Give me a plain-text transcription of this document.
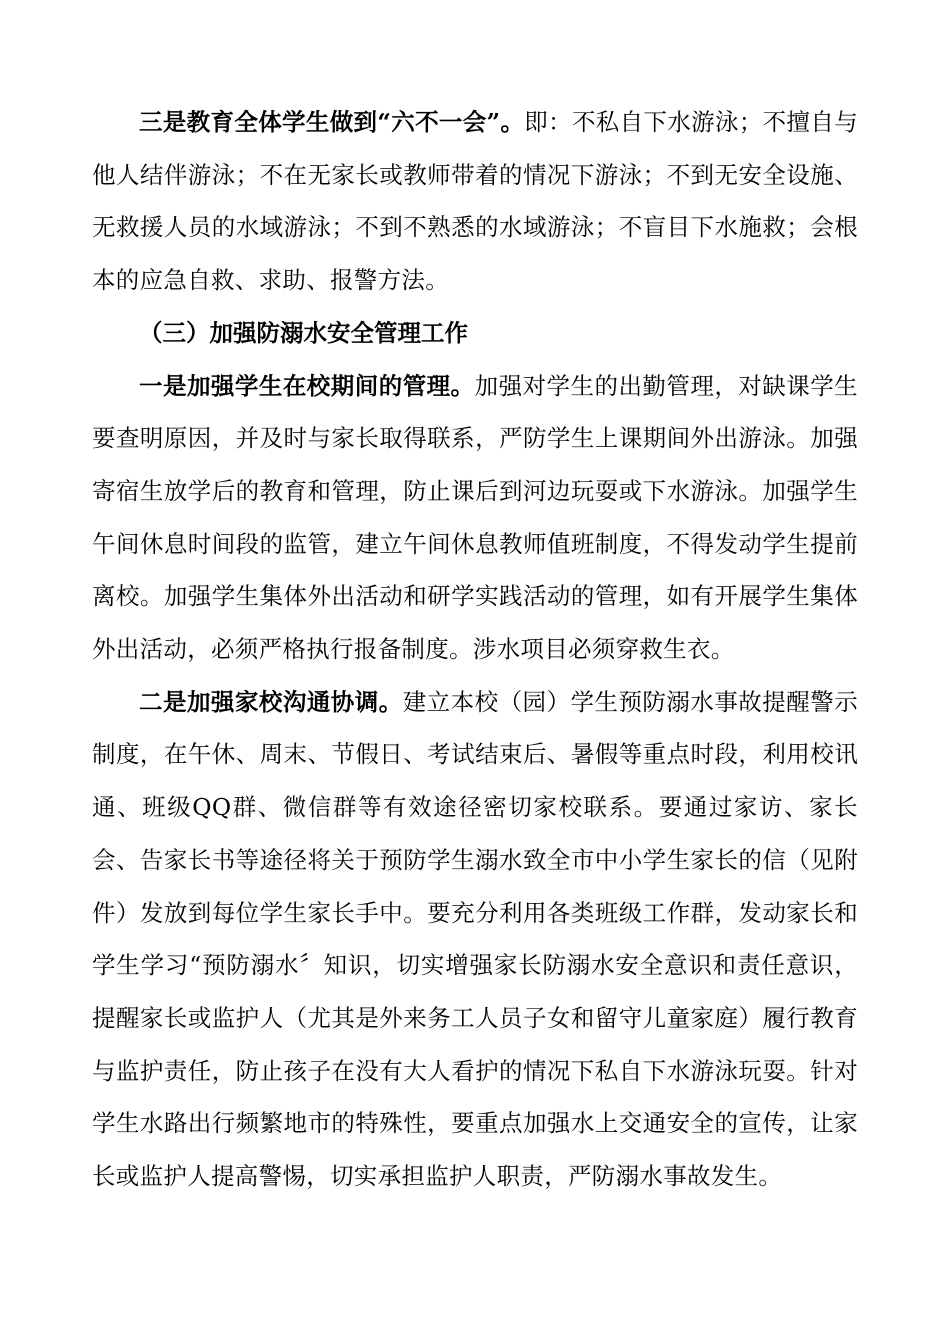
三是教育全体学生做到“六不一会”。即：不私自下水游泳；不擅自与他人结伴游泳；不在无家长或教师带着的情况下游泳；不到无安全设施、无救援人员的水域游泳；不到不熟悉的水域游泳；不盲目下水施救；会根本的应急自救、求助、报警方法。

（三）加强防溺水安全管理工作

一是加强学生在校期间的管理。加强对学生的出勤管理，对缺课学生要查明原因，并及时与家长取得联系，严防学生上课期间外出游泳。加强寄宿生放学后的教育和管理，防止课后到河边玩耍或下水游泳。加强学生午间休息时间段的监管，建立午间休息教师值班制度，不得发动学生提前离校。加强学生集体外出活动和研学实践活动的管理，如有开展学生集体外出活动，必须严格执行报备制度。涉水项目必须穿救生衣。

二是加强家校沟通协调。建立本校（园）学生预防溺水事故提醒警示制度，在午休、周末、节假日、考试结束后、暑假等重点时段，利用校讯通、班级QQ群、微信群等有效途径密切家校联系。要通过家访、家长会、告家长书等途径将关于预防学生溺水致全市中小学生家长的信（见附件）发放到每位学生家长手中。要充分利用各类班级工作群，发动家长和学生学习“预防溺水〞知识，切实增强家长防溺水安全意识和责任意识，提醒家长或监护人（尤其是外来务工人员子女和留守儿童家庭）履行教育与监护责任，防止孩子在没有大人看护的情况下私自下水游泳玩耍。针对学生水路出行频繁地市的特殊性，要重点加强水上交通安全的宣传，让家长或监护人提高警惕，切实承担监护人职责，严防溺水事故发生。
